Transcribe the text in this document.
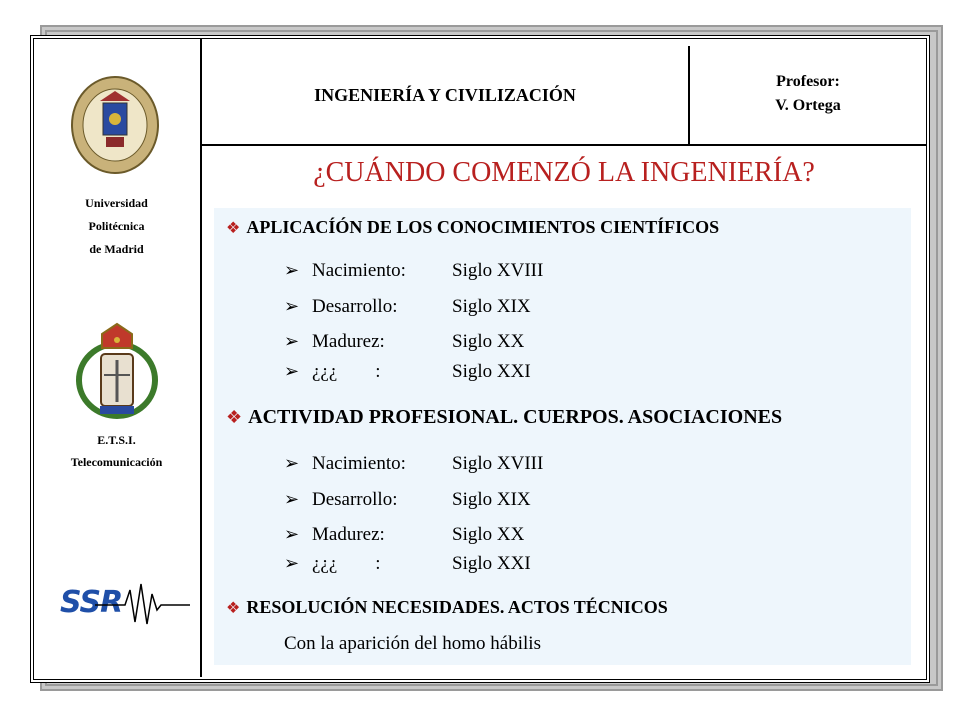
INGENIERÍA Y CIVILIZACIÓN
Profesor:
V. Ortega
Universidad
Politécnica
de Madrid
E.T.S.I.
Telecomunicación
SSR
¿CUÁNDO COMENZÓ LA INGENIERÍA?
❖ APLICACÍÓN DE LOS CONOCIMIENTOS CIENTÍFICOS
➢ Nacimiento: Siglo XVIII
➢ Desarrollo:	Siglo XIX
➢ Madurez:	Siglo XX
➢ ¿¿¿        :	Siglo XXI
❖ ACTIVIDAD PROFESIONAL. CUERPOS. ASOCIACIONES
➢ Nacimiento: Siglo XVIII
➢ Desarrollo:	Siglo XIX
➢ Madurez:	Siglo XX
➢ ¿¿¿        :	Siglo XXI
❖ RESOLUCIÓN NECESIDADES. ACTOS TÉCNICOS
Con la aparición del homo hábilis
